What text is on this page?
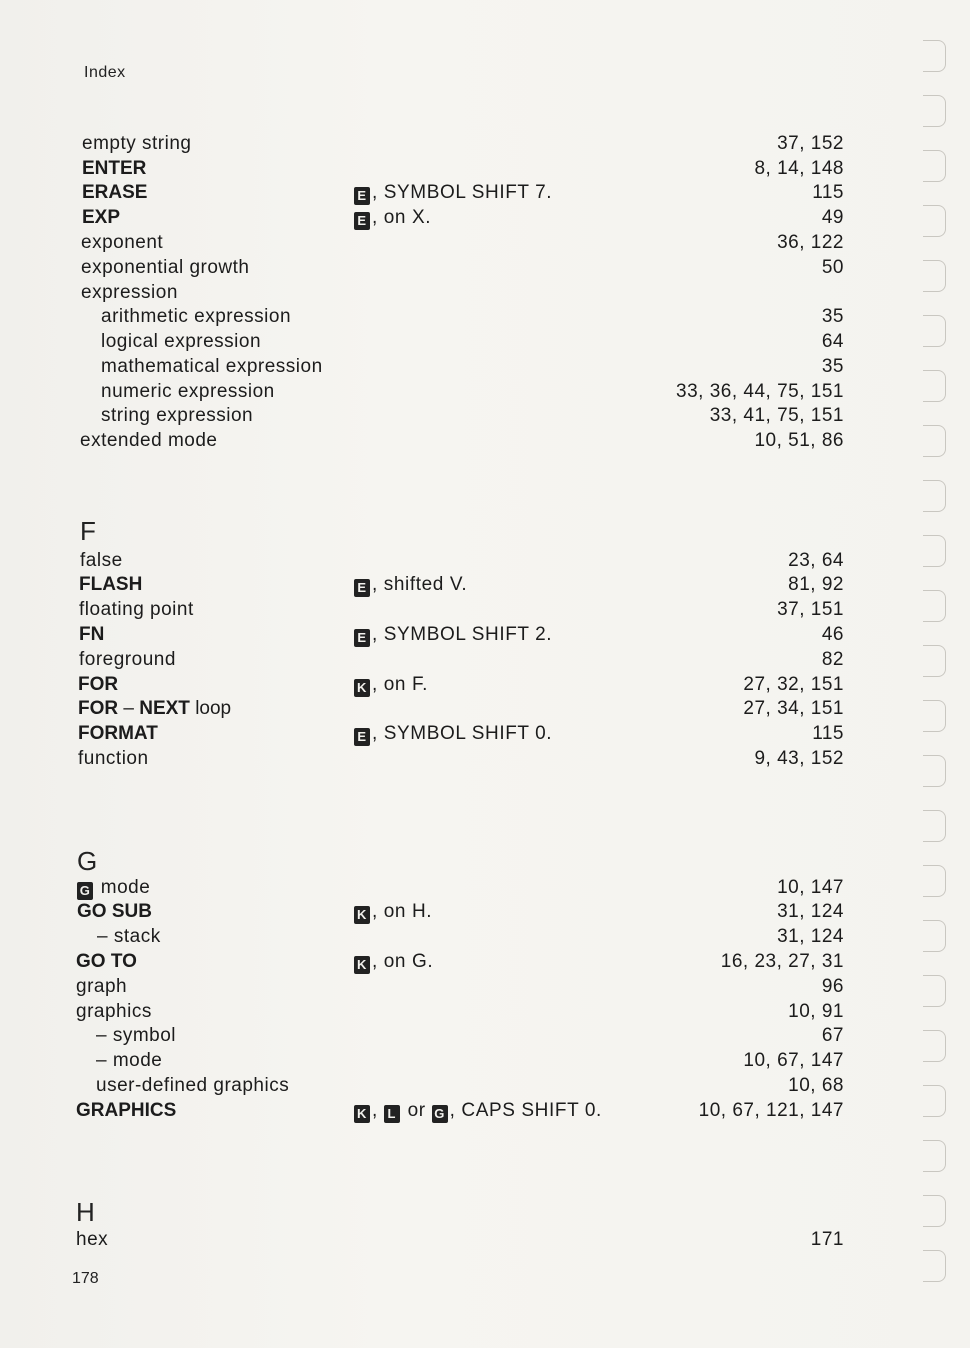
Index
empty string	37, 152
ENTER	8, 14, 148
ERASE	E , SYMBOL SHIFT 7.	115
EXP	E , on X.	49
exponent	36, 122
exponential growth	50
expression
arithmetic expression	35
logical expression	64
mathematical expression	35
numeric expression	33, 36, 44, 75, 151
string expression	33, 41, 75, 151
extended mode	10, 51, 86
F
false	23, 64
FLASH	E , shifted V.	81, 92
floating point	37, 151
FN	E , SYMBOL SHIFT 2.	46
foreground	82
FOR	K , on F.	27, 32, 151
FOR – NEXT loop	27, 34, 151
FORMAT	E , SYMBOL SHIFT 0.	115
function	9, 43, 152
G
G mode	10, 147
GO SUB	K , on H.	31, 124
– stack	31, 124
GO TO	K , on G.	16, 23, 27, 31
graph	96
graphics	10, 91
– symbol	67
– mode	10, 67, 147
user-defined graphics	10, 68
GRAPHICS	K , L or G , CAPS SHIFT 0.	10, 67, 121, 147
H
hex	171
178
